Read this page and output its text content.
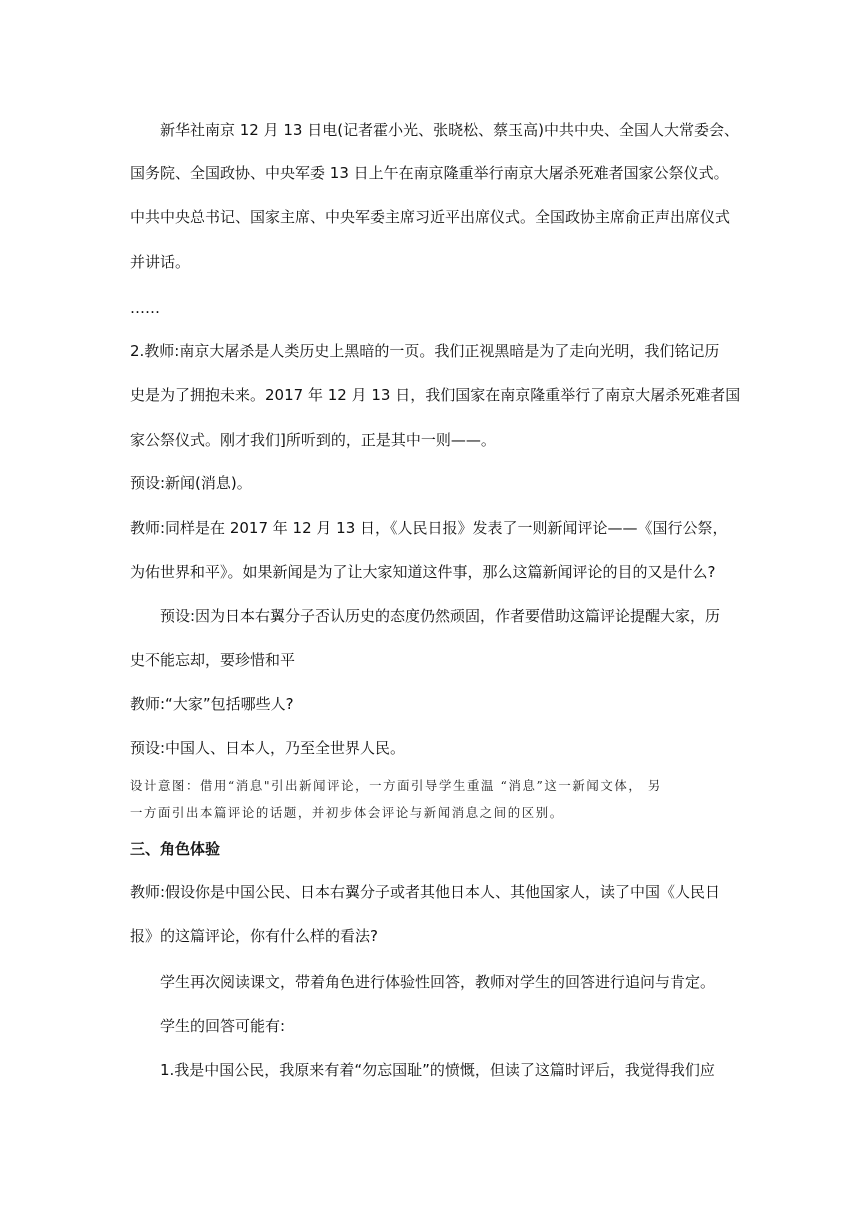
新华社南京 12 月 13 日电(记者霍小光、张晓松、蔡玉高)中共中央、全国人大常委会、
国务院、全国政协、中央军委 13 日上午在南京隆重举行南京大屠杀死难者国家公祭仪式。
中共中央总书记、国家主席、中央军委主席习近平出席仪式。全国政协主席俞正声出席仪式
并讲话。
……
2.教师:南京大屠杀是人类历史上黑暗的一页。我们正视黑暗是为了走向光明，我们铭记历
史是为了拥抱未来。2017 年 12 月 13 日，我们国家在南京隆重举行了南京大屠杀死难者国
家公祭仪式。刚才我们]所听到的，正是其中一则——。
预设:新闻(消息)。
教师:同样是在 2017 年 12 月 13 日，《人民日报》发表了一则新闻评论——《国行公祭，
为佑世界和平》。如果新闻是为了让大家知道这件事，那么这篇新闻评论的目的又是什么?
预设:因为日本右翼分子否认历史的态度仍然顽固，作者要借助这篇评论提醒大家，历
史不能忘却，要珍惜和平
教师:“大家”包括哪些人?
预设:中国人、日本人，乃至全世界人民。
设计意图：借用“消息"引出新闻评论，一方面引导学生重温 “消息”这一新闻文体， 另
一方面引出本篇评论的话题，并初步体会评论与新闻消息之间的区别。
三、角色体验
教师:假设你是中国公民、日本右翼分子或者其他日本人、其他国家人，读了中国《人民日
报》的这篇评论，你有什么样的看法?
学生再次阅读课文，带着角色进行体验性回答，教师对学生的回答进行追问与肯定。
学生的回答可能有:
1.我是中国公民，我原来有着“勿忘国耻”的愤慨，但读了这篇时评后，我觉得我们应
